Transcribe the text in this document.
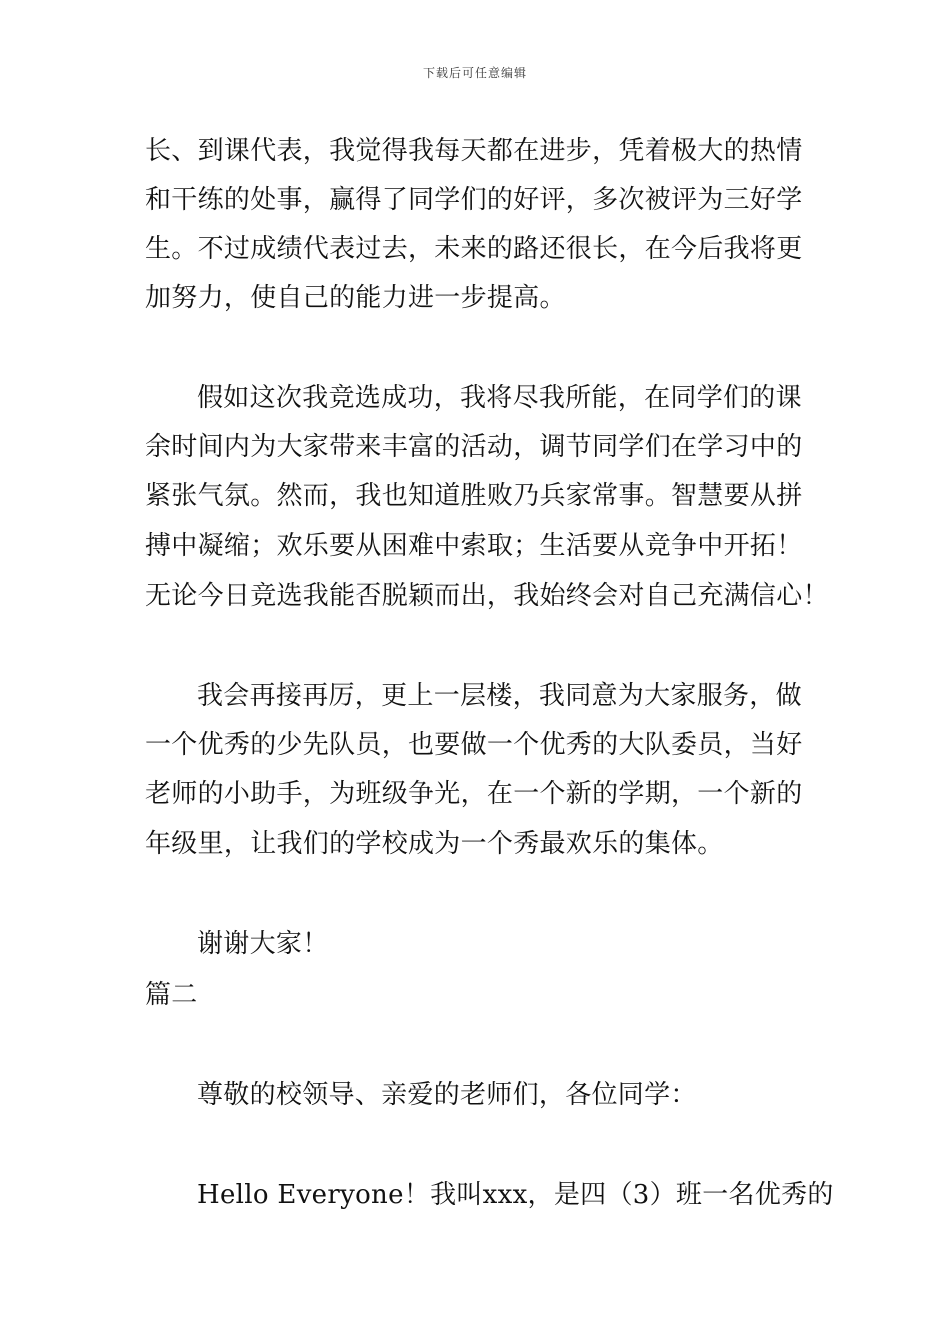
下载后可任意编辑

长、到课代表，我觉得我每天都在进步，凭着极大的热情

和干练的处事，赢得了同学们的好评，多次被评为三好学

生。不过成绩代表过去，未来的路还很长，在今后我将更

加努力，使自己的能力进一步提高。

假如这次我竞选成功，我将尽我所能，在同学们的课

余时间内为大家带来丰富的活动，调节同学们在学习中的

紧张气氛。然而，我也知道胜败乃兵家常事。智慧要从拼

搏中凝缩；欢乐要从困难中索取；生活要从竞争中开拓！

无论今日竞选我能否脱颖而出，我始终会对自己充满信心！

我会再接再厉，更上一层楼，我同意为大家服务，做

一个优秀的少先队员，也要做一个优秀的大队委员，当好

老师的小助手，为班级争光，在一个新的学期，一个新的

年级里，让我们的学校成为一个秀最欢乐的集体。

谢谢大家！

篇二

尊敬的校领导、亲爱的老师们，各位同学：

Hello Everyone！我叫xxx，是四（3）班一名优秀的
